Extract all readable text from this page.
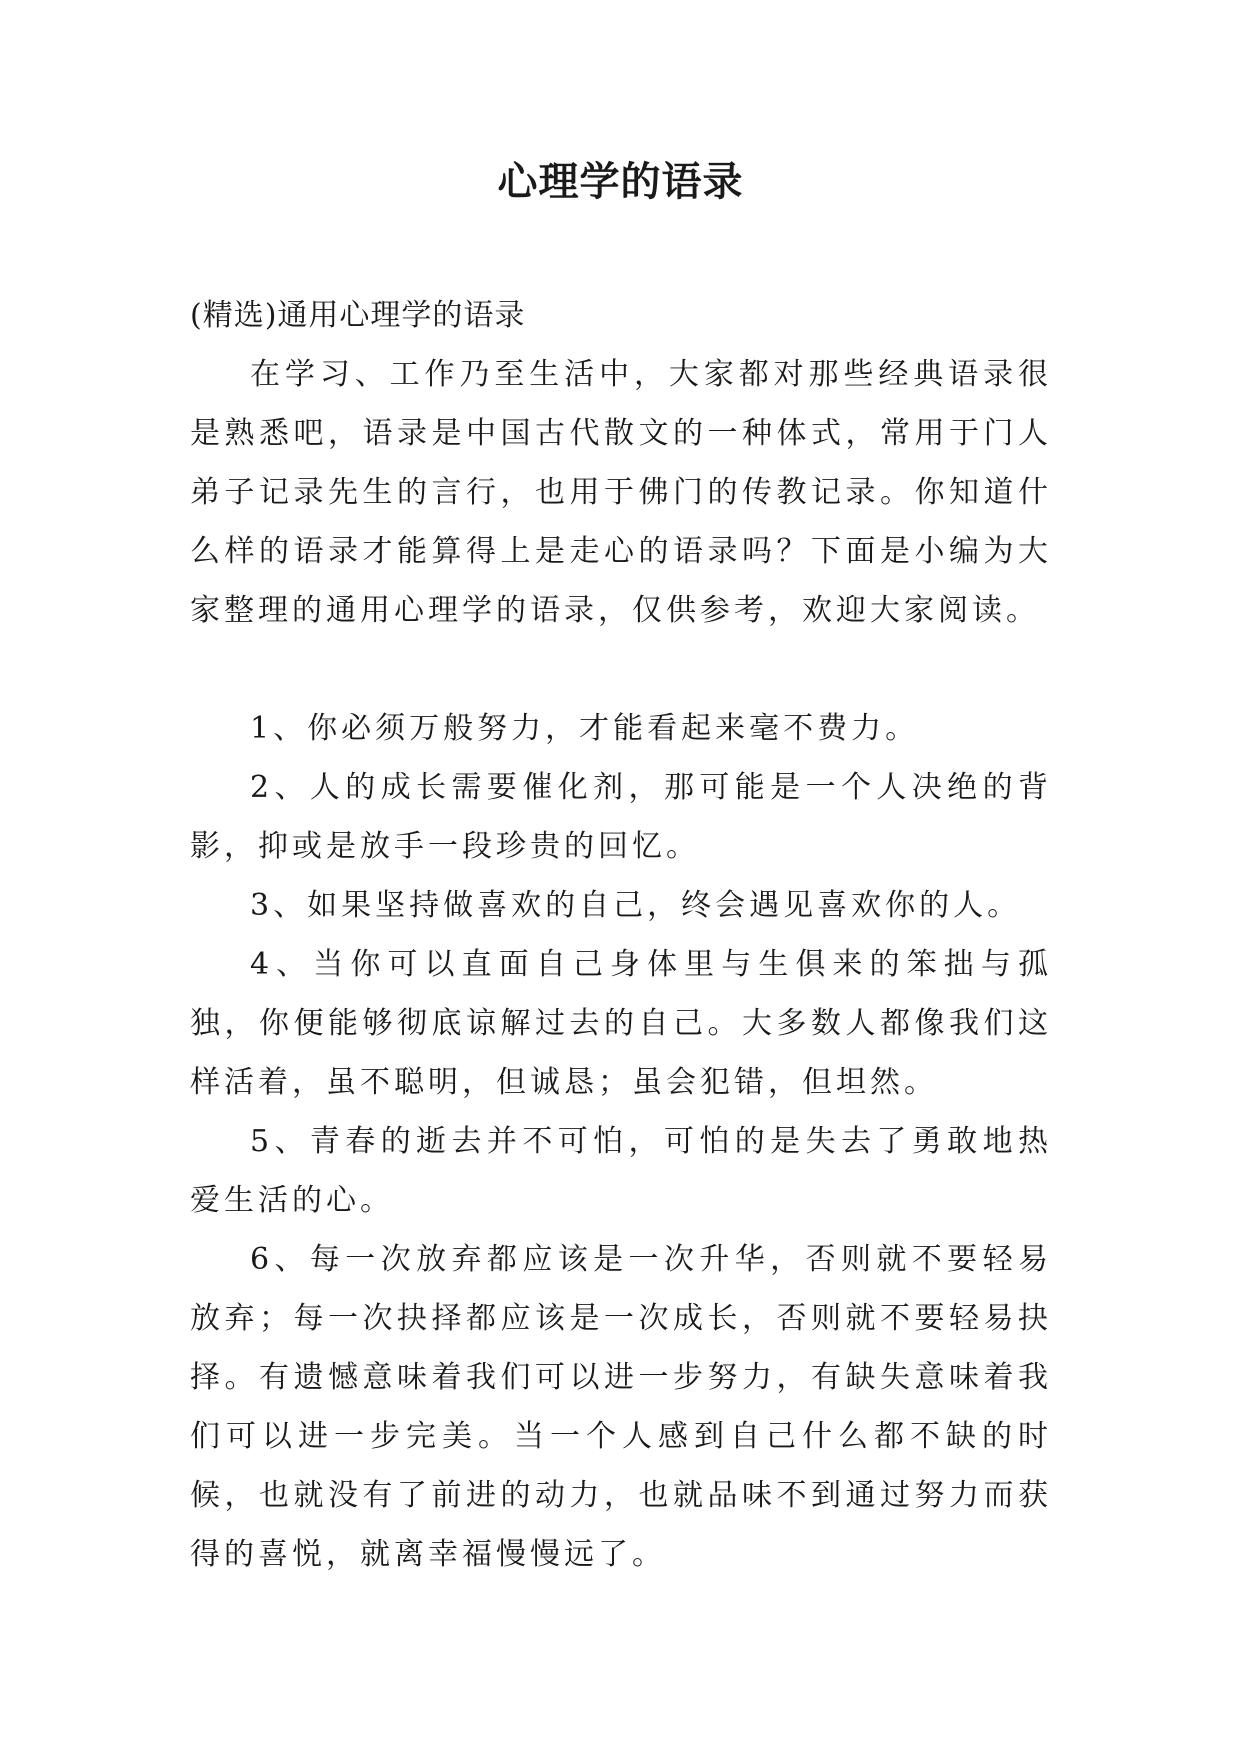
心理学的语录

(精选)通用心理学的语录

在学习、工作乃至生活中，大家都对那些经典语录很是熟悉吧，语录是中国古代散文的一种体式，常用于门人弟子记录先生的言行，也用于佛门的传教记录。你知道什么样的语录才能算得上是走心的语录吗？下面是小编为大家整理的通用心理学的语录，仅供参考，欢迎大家阅读。

1、你必须万般努力，才能看起来毫不费力。

2、人的成长需要催化剂，那可能是一个人决绝的背影，抑或是放手一段珍贵的回忆。

3、如果坚持做喜欢的自己，终会遇见喜欢你的人。

4、当你可以直面自己身体里与生俱来的笨拙与孤独，你便能够彻底谅解过去的自己。大多数人都像我们这样活着，虽不聪明，但诚恳；虽会犯错，但坦然。

5、青春的逝去并不可怕，可怕的是失去了勇敢地热爱生活的心。

6、每一次放弃都应该是一次升华，否则就不要轻易放弃；每一次抉择都应该是一次成长，否则就不要轻易抉择。有遗憾意味着我们可以进一步努力，有缺失意味着我们可以进一步完美。当一个人感到自己什么都不缺的时候，也就没有了前进的动力，也就品味不到通过努力而获得的喜悦，就离幸福慢慢远了。
